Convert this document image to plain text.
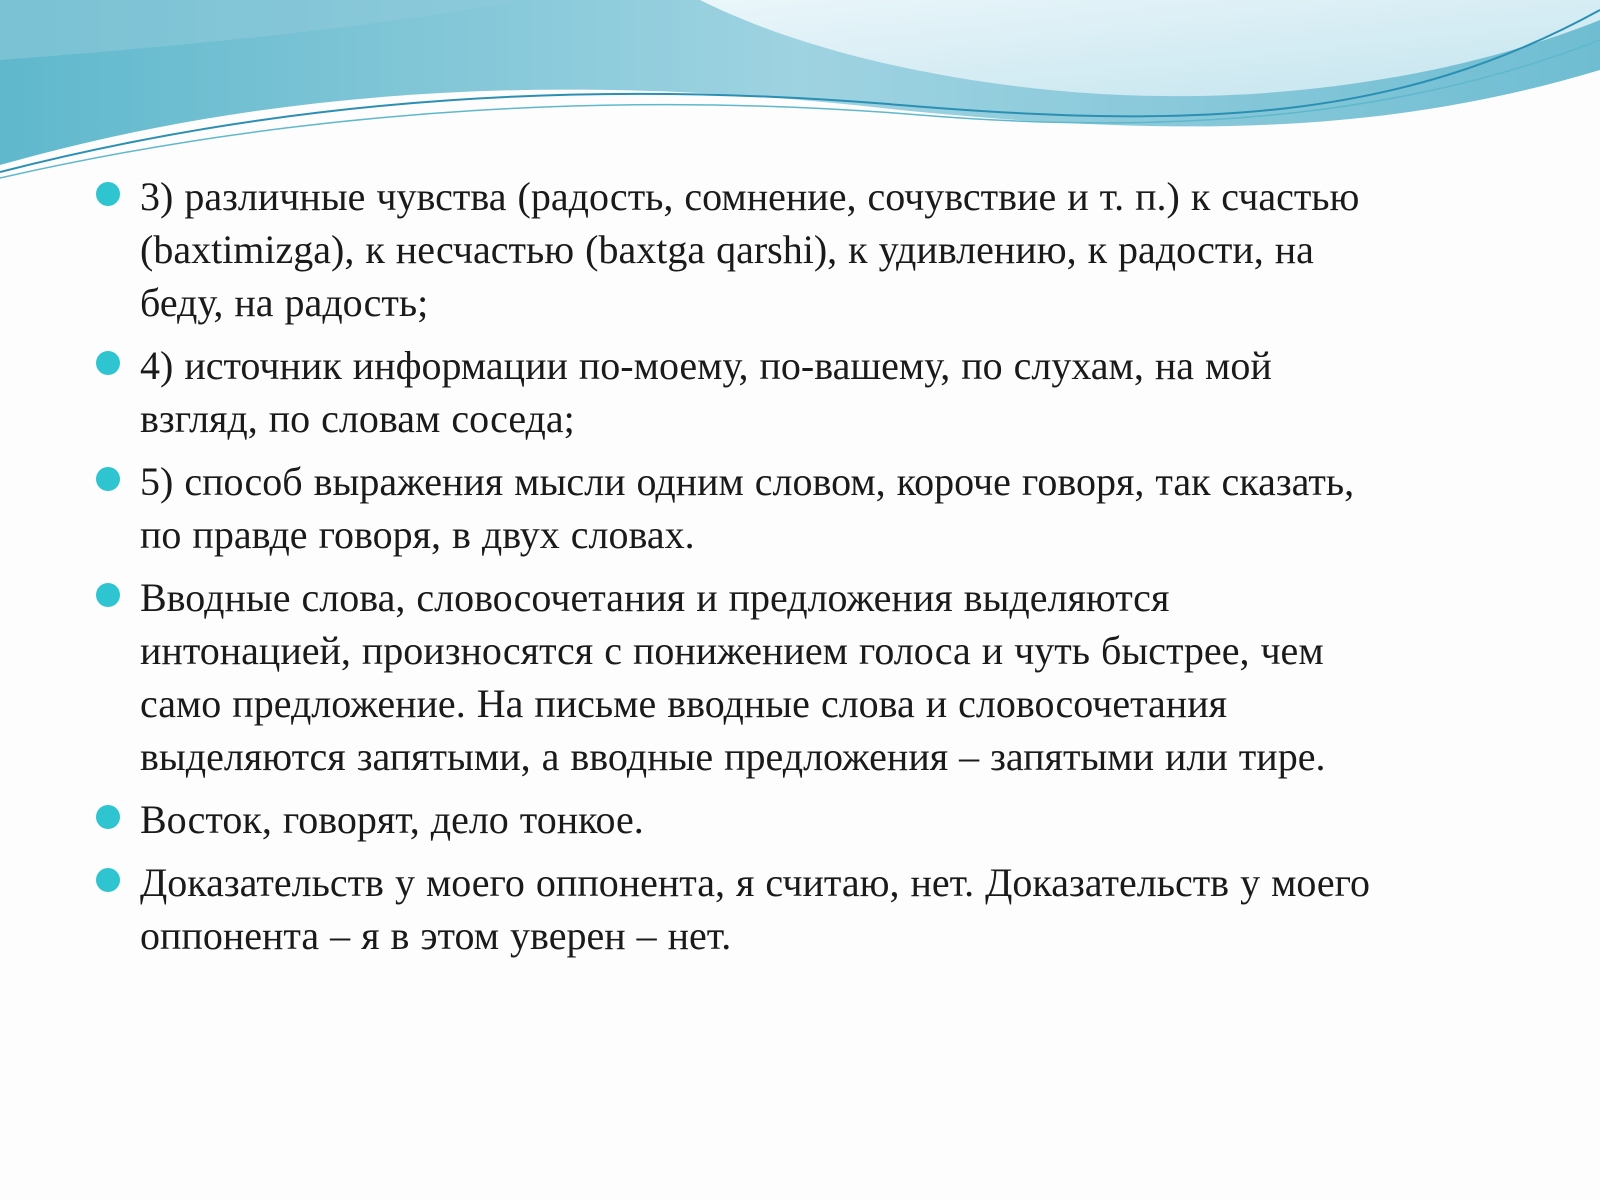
3) различные чувства (радость, сомнение, сочувствие и т. п.) к счастью
(baxtimizga), к несчастью (baxtga qarshi), к удивлению, к радости, на
беду, на радость;
4) источник информации по-моему, по-вашему, по слухам, на мой
взгляд, по словам соседа;
5) способ выражения мысли одним словом, короче говоря, так сказать,
по правде говоря, в двух словах.
Вводные слова, словосочетания и предложения выделяются
интонацией, произносятся с понижением голоса и чуть быстрее, чем
само предложение. На письме вводные слова и словосочетания
выделяются запятыми, а вводные предложения – запятыми или тире.
Восток, говорят, дело тонкое.
Доказательств у моего оппонента, я считаю, нет. Доказательств у моего
оппонента – я в этом уверен – нет.
